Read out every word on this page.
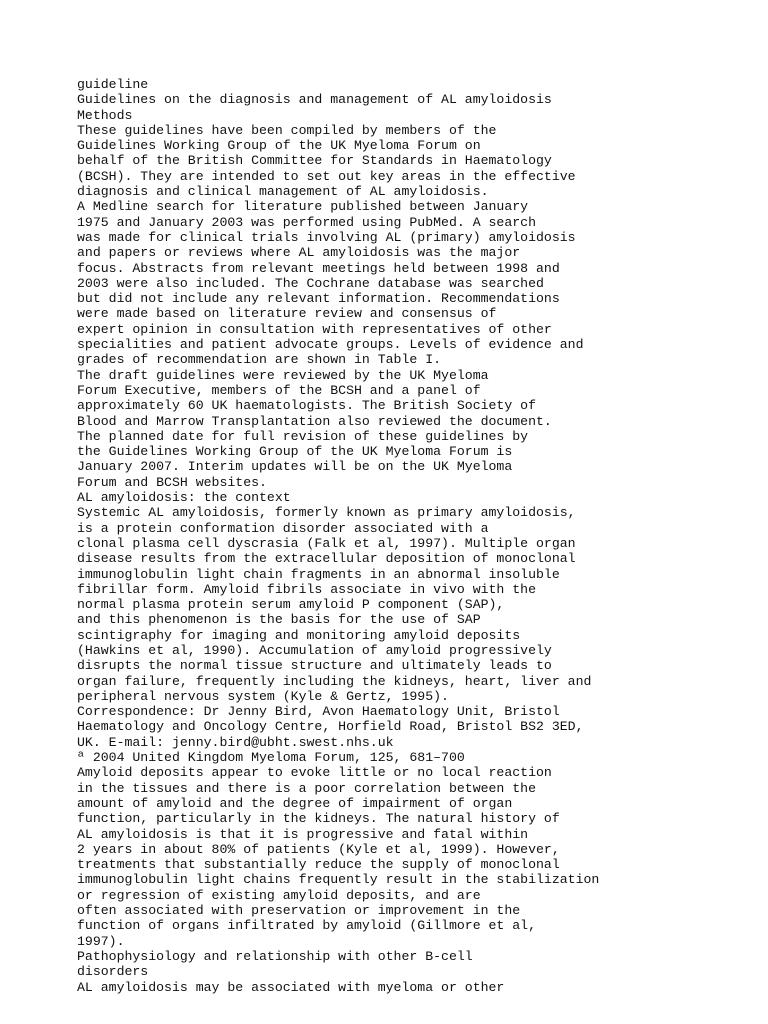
guideline
Guidelines on the diagnosis and management of AL amyloidosis
Methods
These guidelines have been compiled by members of the
Guidelines Working Group of the UK Myeloma Forum on
behalf of the British Committee for Standards in Haematology
(BCSH). They are intended to set out key areas in the effective
diagnosis and clinical management of AL amyloidosis.
A Medline search for literature published between January
1975 and January 2003 was performed using PubMed. A search
was made for clinical trials involving AL (primary) amyloidosis
and papers or reviews where AL amyloidosis was the major
focus. Abstracts from relevant meetings held between 1998 and
2003 were also included. The Cochrane database was searched
but did not include any relevant information. Recommendations
were made based on literature review and consensus of
expert opinion in consultation with representatives of other
specialities and patient advocate groups. Levels of evidence and
grades of recommendation are shown in Table I.
The draft guidelines were reviewed by the UK Myeloma
Forum Executive, members of the BCSH and a panel of
approximately 60 UK haematologists. The British Society of
Blood and Marrow Transplantation also reviewed the document.
The planned date for full revision of these guidelines by
the Guidelines Working Group of the UK Myeloma Forum is
January 2007. Interim updates will be on the UK Myeloma
Forum and BCSH websites.
AL amyloidosis: the context
Systemic AL amyloidosis, formerly known as primary amyloidosis,
is a protein conformation disorder associated with a
clonal plasma cell dyscrasia (Falk et al, 1997). Multiple organ
disease results from the extracellular deposition of monoclonal
immunoglobulin light chain fragments in an abnormal insoluble
fibrillar form. Amyloid fibrils associate in vivo with the
normal plasma protein serum amyloid P component (SAP),
and this phenomenon is the basis for the use of SAP
scintigraphy for imaging and monitoring amyloid deposits
(Hawkins et al, 1990). Accumulation of amyloid progressively
disrupts the normal tissue structure and ultimately leads to
organ failure, frequently including the kidneys, heart, liver and
peripheral nervous system (Kyle & Gertz, 1995).
Correspondence: Dr Jenny Bird, Avon Haematology Unit, Bristol
Haematology and Oncology Centre, Horfield Road, Bristol BS2 3ED,
UK. E-mail: jenny.bird@ubht.swest.nhs.uk
ª 2004 United Kingdom Myeloma Forum, 125, 681–700
Amyloid deposits appear to evoke little or no local reaction
in the tissues and there is a poor correlation between the
amount of amyloid and the degree of impairment of organ
function, particularly in the kidneys. The natural history of
AL amyloidosis is that it is progressive and fatal within
2 years in about 80% of patients (Kyle et al, 1999). However,
treatments that substantially reduce the supply of monoclonal
immunoglobulin light chains frequently result in the stabilization
or regression of existing amyloid deposits, and are
often associated with preservation or improvement in the
function of organs infiltrated by amyloid (Gillmore et al,
1997).
Pathophysiology and relationship with other B-cell
disorders
AL amyloidosis may be associated with myeloma or other
